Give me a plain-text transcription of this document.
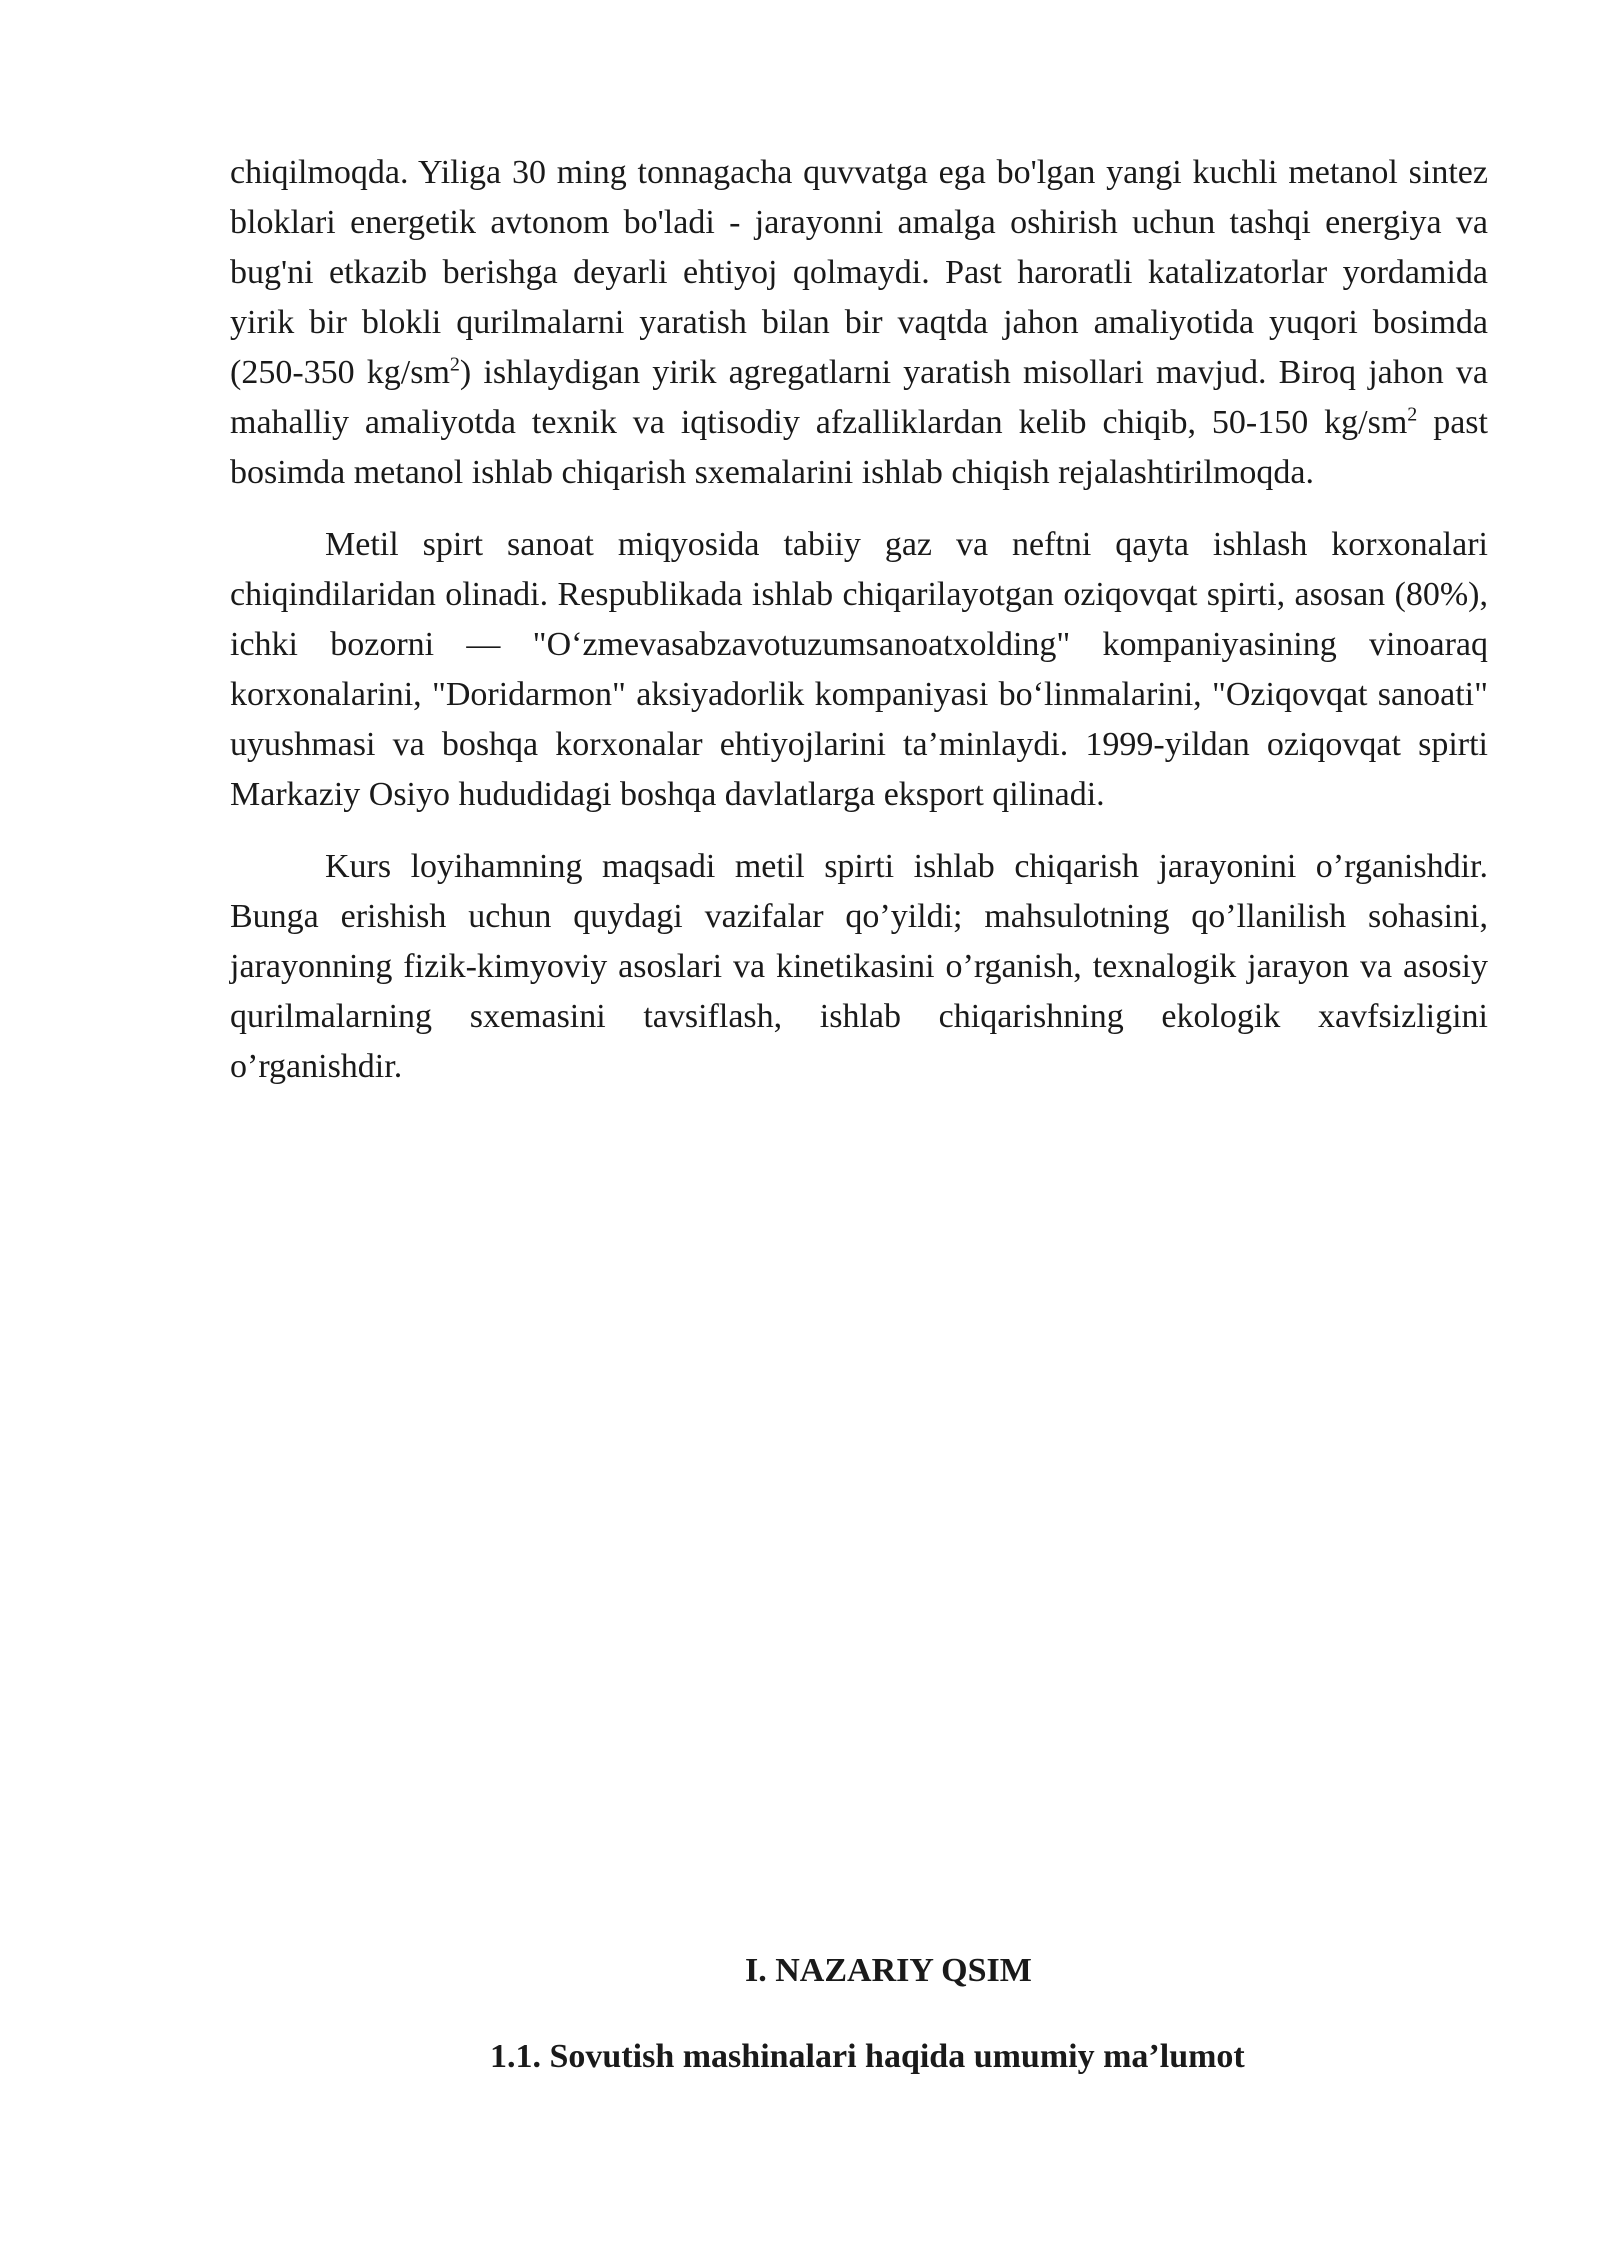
chiqilmoqda. Yiliga 30 ming tonnagacha quvvatga ega bo'lgan yangi kuchli metanol sintez bloklari energetik avtonom bo'ladi - jarayonni amalga oshirish uchun tashqi energiya va bug'ni etkazib berishga deyarli ehtiyoj qolmaydi. Past haroratli katalizatorlar yordamida yirik bir blokli qurilmalarni yaratish bilan bir vaqtda jahon amaliyotida yuqori bosimda (250-350 $kg/sm^2$) ishlaydigan yirik agregatlarni yaratish misollari mavjud. Biroq jahon va mahalliy amaliyotda texnik va iqtisodiy afzalliklardan kelib chiqib, 50-150 $kg/sm^2$ past bosimda metanol ishlab chiqarish sxemalarini ishlab chiqish rejalashtirilmoqda.

Metil spirt sanoat miqyosida tabiiy gaz va neftni qayta ishlash korxonalari chiqindilaridan olinadi. Respublikada ishlab chiqarilayotgan oziqovqat spirti, asosan (80%), ichki bozorni — "O‘zmevasabzavotuzumsanoatxolding" kompaniyasining vinoaraq korxonalarini, "Doridarmon" aksiyadorlik kompaniyasi bo‘linmalarini, "Oziqovqat sanoati" uyushmasi va boshqa korxonalar ehtiyojlarini ta’minlaydi. 1999-yildan oziqovqat spirti Markaziy Osiyo hududidagi boshqa davlatlarga eksport qilinadi.

Kurs loyihamning maqsadi metil spirti ishlab chiqarish jarayonini o’rganishdir. Bunga erishish uchun quydagi vazifalar qo’yildi; mahsulotning qo’llanilish sohasini, jarayonning fizik-kimyoviy asoslari va kinetikasini o’rganish, texnalogik jarayon va asosiy qurilmalarning sxemasini tavsiflash, ishlab chiqarishning ekologik xavfsizligini o’rganishdir.

I. NAZARIY QSIM
1.1. Sovutish mashinalari haqida umumiy ma’lumot
